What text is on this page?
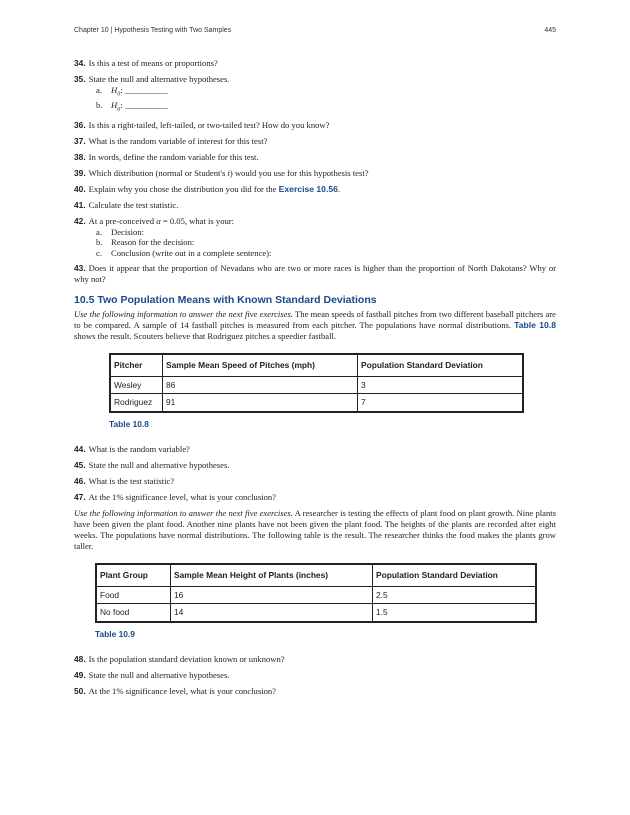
Chapter 10 | Hypothesis Testing with Two Samples	445

34. Is this a test of means or proportions?

35. State the null and alternative hypotheses.
a. $H_0$: __________
b. $H_a$: __________

36. Is this a right-tailed, left-tailed, or two-tailed test? How do you know?

37. What is the random variable of interest for this test?

38. In words, define the random variable for this test.

39. Which distribution (normal or Student's t) would you use for this hypothesis test?

40. Explain why you chose the distribution you did for the Exercise 10.56.

41. Calculate the test statistic.

42. At a pre-conceived α = 0.05, what is your:
a. Decision:
b. Reason for the decision:
c. Conclusion (write out in a complete sentence):

43. Does it appear that the proportion of Nevadans who are two or more races is higher than the proportion of North Dakotans? Why or why not?

10.5 Two Population Means with Known Standard Deviations

Use the following information to answer the next five exercises. The mean speeds of fastball pitches from two different baseball pitchers are to be compared. A sample of 14 fastball pitches is measured from each pitcher. The populations have normal distributions. Table 10.8 shows the result. Scouters believe that Rodriguez pitches a speedier fastball.

Pitcher	Sample Mean Speed of Pitches (mph)	Population Standard Deviation
Wesley	86	3
Rodriguez	91	7
Table 10.8

44. What is the random variable?

45. State the null and alternative hypotheses.

46. What is the test statistic?

47. At the 1% significance level, what is your conclusion?

Use the following information to answer the next five exercises. A researcher is testing the effects of plant food on plant growth. Nine plants have been given the plant food. Another nine plants have not been given the plant food. The heights of the plants are recorded after eight weeks. The populations have normal distributions. The following table is the result. The researcher thinks the food makes the plants grow taller.

Plant Group	Sample Mean Height of Plants (inches)	Population Standard Deviation
Food	16	2.5
No food	14	1.5
Table 10.9

48. Is the population standard deviation known or unknown?

49. State the null and alternative hypotheses.

50. At the 1% significance level, what is your conclusion?
